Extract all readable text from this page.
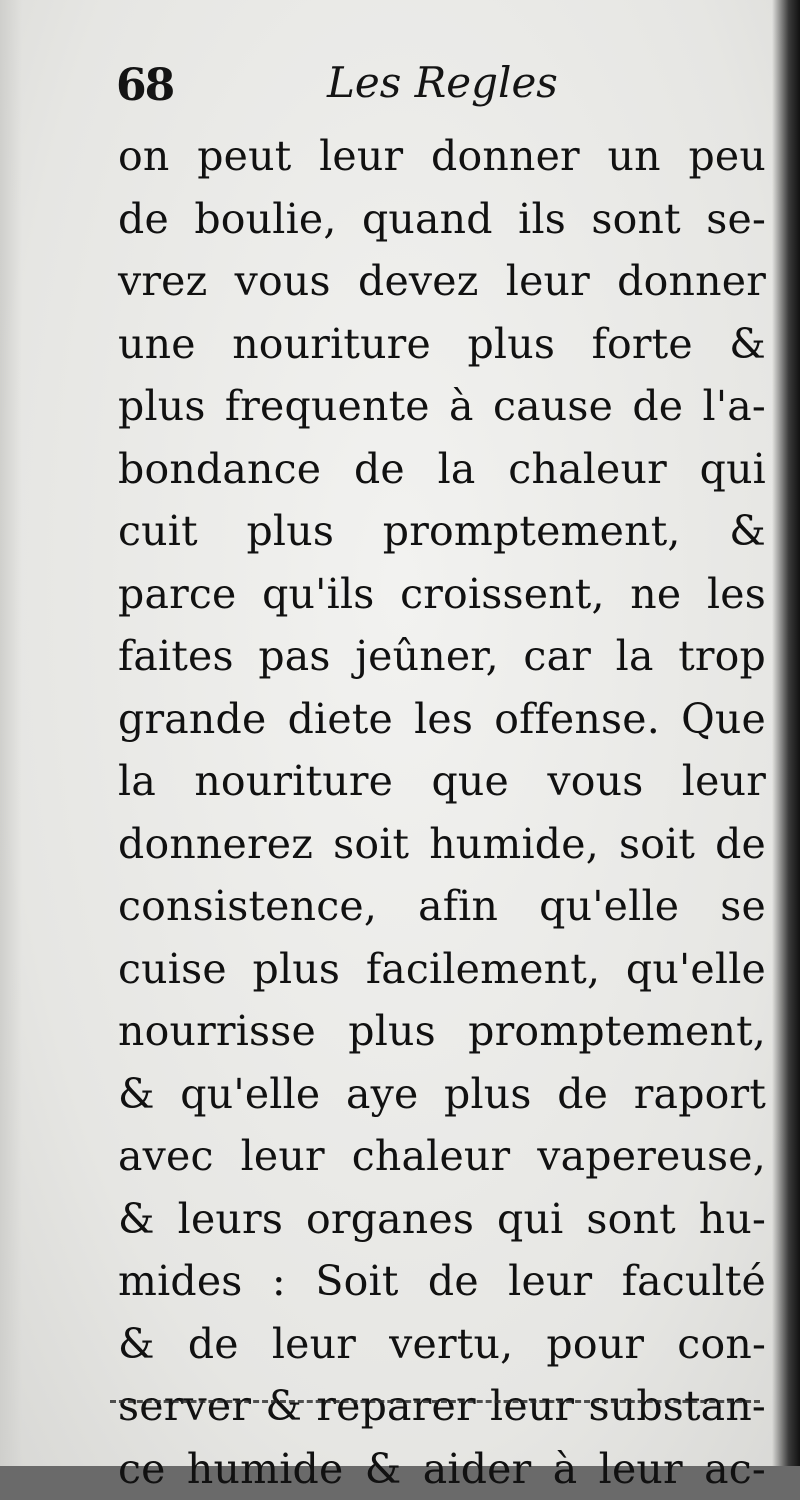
68	Les Regles
on peut leur donner un peu
de boulie, quand ils sont se-
vrez vous devez leur donner
une nouriture plus forte &
plus frequente à cause de l'a-
bondance de la chaleur qui
cuit plus promptement, &
parce qu'ils croissent, ne les
faites pas jeûner, car la trop
grande diete les offense. Que
la nouriture que vous leur
donnerez soit humide, soit de
consistence, afin qu'elle se
cuise plus facilement, qu'elle
nourrisse plus promptement,
& qu'elle aye plus de raport
avec leur chaleur vapereuse,
& leurs organes qui sont hu-
mides : Soit de leur faculté
& de leur vertu, pour con-
server & reparer leur substan-
ce humide & aider à leur ac-
